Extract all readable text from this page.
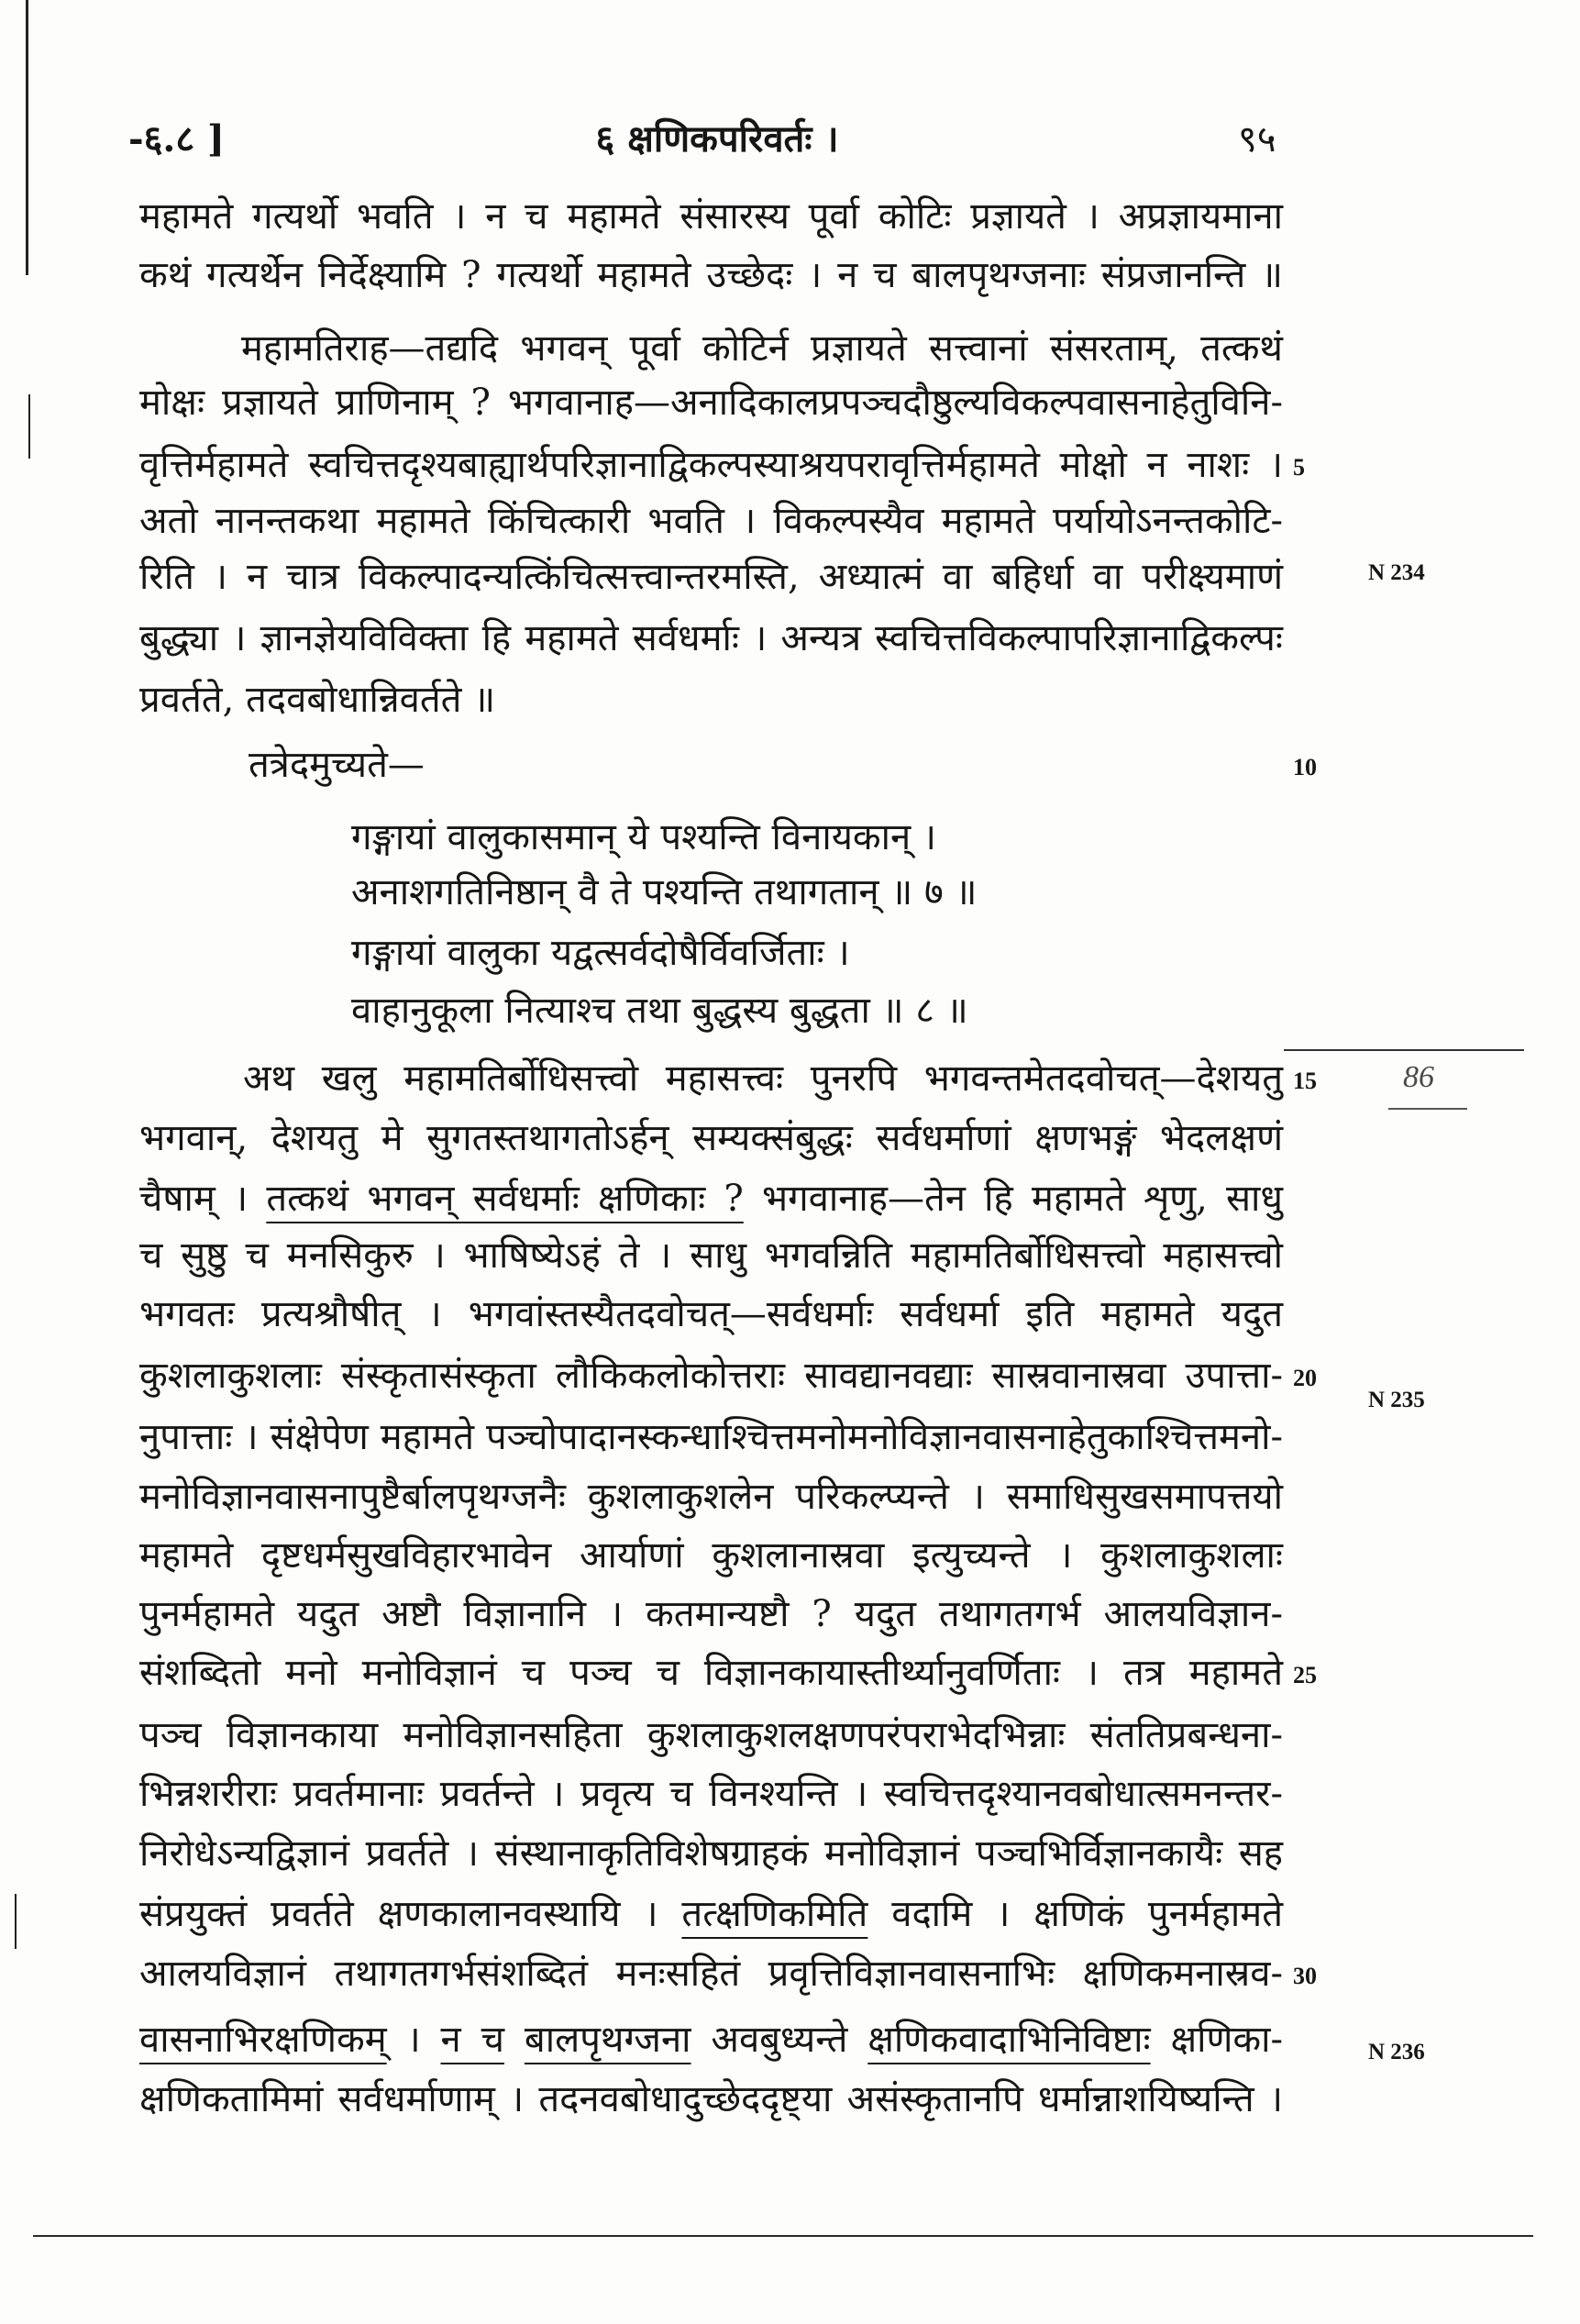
-६.८ ]	६ क्षणिकपरिवर्तः ।	९५
महामते गत्यर्थो भवति । न च महामते संसारस्य पूर्वा कोटिः प्रज्ञायते । अप्रज्ञायमाना
कथं गत्यर्थेन निर्देक्ष्यामि ? गत्यर्थो महामते उच्छेदः । न च बालपृथग्जनाः संप्रजानन्ति ॥
महामतिराह—तद्यदि भगवन् पूर्वा कोटिर्न प्रज्ञायते सत्त्वानां संसरताम्, तत्कथं
मोक्षः प्रज्ञायते प्राणिनाम् ? भगवानाह—अनादिकालप्रपञ्चदौष्ठुल्यविकल्पवासनाहेतुविनि-
वृत्तिर्महामते स्वचित्तदृश्यबाह्यार्थपरिज्ञानाद्विकल्पस्याश्रयपरावृत्तिर्महामते मोक्षो न नाशः ।
अतो नानन्तकथा महामते किंचित्कारी भवति । विकल्पस्यैव महामते पर्यायोऽनन्तकोटि-
रिति । न चात्र विकल्पादन्यत्किंचित्सत्त्वान्तरमस्ति, अध्यात्मं वा बहिर्धा वा परीक्ष्यमाणं
बुद्ध्या । ज्ञानज्ञेयविविक्ता हि महामते सर्वधर्माः । अन्यत्र स्वचित्तविकल्पापरिज्ञानाद्विकल्पः
प्रवर्तते, तदवबोधान्निवर्तते ॥
तत्रेदमुच्यते—
गङ्गायां वालुकासमान् ये पश्यन्ति विनायकान् ।
अनाशगतिनिष्ठान् वै ते पश्यन्ति तथागतान् ॥ ७ ॥
गङ्गायां वालुका यद्वत्सर्वदोषैर्विवर्जिताः ।
वाहानुकूला नित्याश्च तथा बुद्धस्य बुद्धता ॥ ८ ॥
अथ खलु महामतिर्बोधिसत्त्वो महासत्त्वः पुनरपि भगवन्तमेतदवोचत्—देशयतु
भगवान्, देशयतु मे सुगतस्तथागतोऽर्हन् सम्यक्संबुद्धः सर्वधर्माणां क्षणभङ्गं भेदलक्षणं
चैषाम् । तत्कथं भगवन् सर्वधर्माः क्षणिकाः ? भगवानाह—तेन हि महामते शृणु, साधु
च सुष्ठु च मनसिकुरु । भाषिष्येऽहं ते । साधु भगवन्निति महामतिर्बोधिसत्त्वो महासत्त्वो
भगवतः प्रत्यश्रौषीत् । भगवांस्तस्यैतदवोचत्—सर्वधर्माः सर्वधर्मा इति महामते यदुत
कुशलाकुशलाः संस्कृतासंस्कृता लौकिकलोकोत्तराः सावद्यानवद्याः सास्रवानास्रवा उपात्ता-
नुपात्ताः । संक्षेपेण महामते पञ्चोपादानस्कन्धाश्चित्तमनोमनोविज्ञानवासनाहेतुकाश्चित्तमनो-
मनोविज्ञानवासनापुष्टैर्बालपृथग्जनैः कुशलाकुशलेन परिकल्प्यन्ते । समाधिसुखसमापत्तयो
महामते दृष्टधर्मसुखविहारभावेन आर्याणां कुशलानास्रवा इत्युच्यन्ते । कुशलाकुशलाः
पुनर्महामते यदुत अष्टौ विज्ञानानि । कतमान्यष्टौ ? यदुत तथागतगर्भ आलयविज्ञान-
संशब्दितो मनो मनोविज्ञानं च पञ्च च विज्ञानकायास्तीर्थ्यानुवर्णिताः । तत्र महामते
पञ्च विज्ञानकाया मनोविज्ञानसहिता कुशलाकुशलक्षणपरंपराभेदभिन्नाः संततिप्रबन्धना-
भिन्नशरीराः प्रवर्तमानाः प्रवर्तन्ते । प्रवृत्य च विनश्यन्ति । स्वचित्तदृश्यानवबोधात्समनन्तर-
निरोधेऽन्यद्विज्ञानं प्रवर्तते । संस्थानाकृतिविशेषग्राहकं मनोविज्ञानं पञ्चभिर्विज्ञानकायैः सह
संप्रयुक्तं प्रवर्तते क्षणकालानवस्थायि । तत्क्षणिकमिति वदामि । क्षणिकं पुनर्महामते
आलयविज्ञानं तथागतगर्भसंशब्दितं मनःसहितं प्रवृत्तिविज्ञानवासनाभिः क्षणिकमनास्रव-
वासनाभिरक्षणिकम् । न च बालपृथग्जना अवबुध्यन्ते क्षणिकवादाभिनिविष्टाः क्षणिका-
क्षणिकतामिमां सर्वधर्माणाम् । तदनवबोधादुच्छेददृष्ट्या असंस्कृतानपि धर्मान्नाशयिष्यन्ति ।
5
10
15
20
25
30
N 234
N 235
N 236
86
